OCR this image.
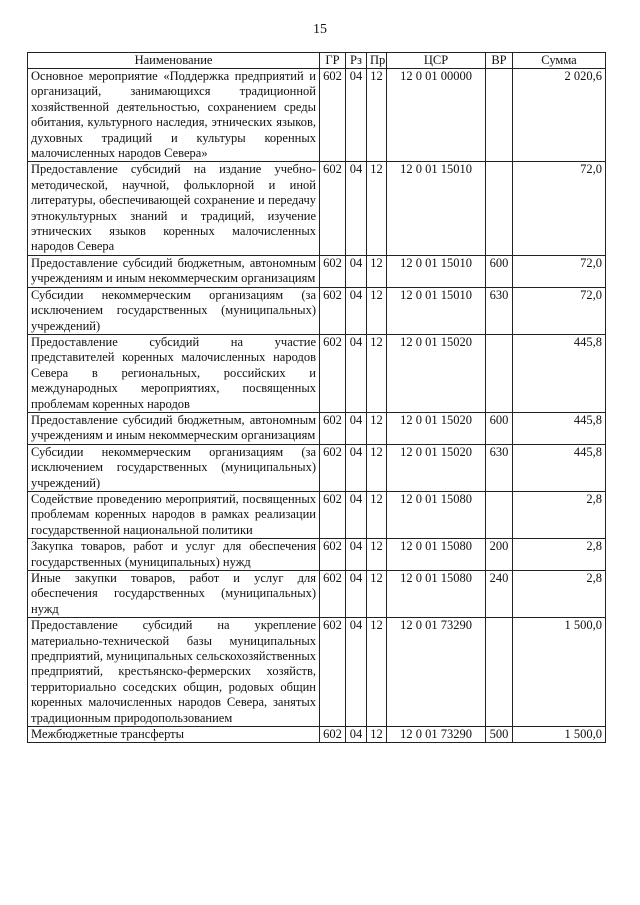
15
Наименование	ГР	Рз	Пр	ЦСР	ВР	Сумма
Основное мероприятие «Поддержка предприятий и организаций, занимающихся традиционной хозяйственной деятельностью, сохранением среды обитания, культурного наследия, этнических языков, духовных традиций и культуры коренных малочисленных народов Севера»	602	04	12	12 0 01 00000		2 020,6
Предоставление субсидий на издание учебно-методической, научной, фольклорной и иной литературы, обеспечивающей сохранение и передачу этнокультурных знаний и традиций, изучение этнических языков коренных малочисленных народов Севера	602	04	12	12 0 01 15010		72,0
Предоставление субсидий бюджетным, автономным учреждениям и иным некоммерческим организациям	602	04	12	12 0 01 15010	600	72,0
Субсидии некоммерческим организациям (за исключением государственных (муниципальных) учреждений)	602	04	12	12 0 01 15010	630	72,0
Предоставление субсидий на участие представителей коренных малочисленных народов Севера в региональных, российских и международных мероприятиях, посвященных проблемам коренных народов	602	04	12	12 0 01 15020		445,8
Предоставление субсидий бюджетным, автономным учреждениям и иным некоммерческим организациям	602	04	12	12 0 01 15020	600	445,8
Субсидии некоммерческим организациям (за исключением государственных (муниципальных) учреждений)	602	04	12	12 0 01 15020	630	445,8
Содействие проведению мероприятий, посвященных проблемам коренных народов в рамках реализации государственной национальной политики	602	04	12	12 0 01 15080		2,8
Закупка товаров, работ и услуг для обеспечения государственных (муниципальных) нужд	602	04	12	12 0 01 15080	200	2,8
Иные закупки товаров, работ и услуг для обеспечения государственных (муниципальных) нужд	602	04	12	12 0 01 15080	240	2,8
Предоставление субсидий на укрепление материально-технической базы муниципальных предприятий, муниципальных сельскохозяйственных предприятий, крестьянско-фермерских хозяйств, территориально соседских общин, родовых общин коренных малочисленных народов Севера, занятых традиционным природопользованием	602	04	12	12 0 01 73290		1 500,0
Межбюджетные трансферты	602	04	12	12 0 01 73290	500	1 500,0
